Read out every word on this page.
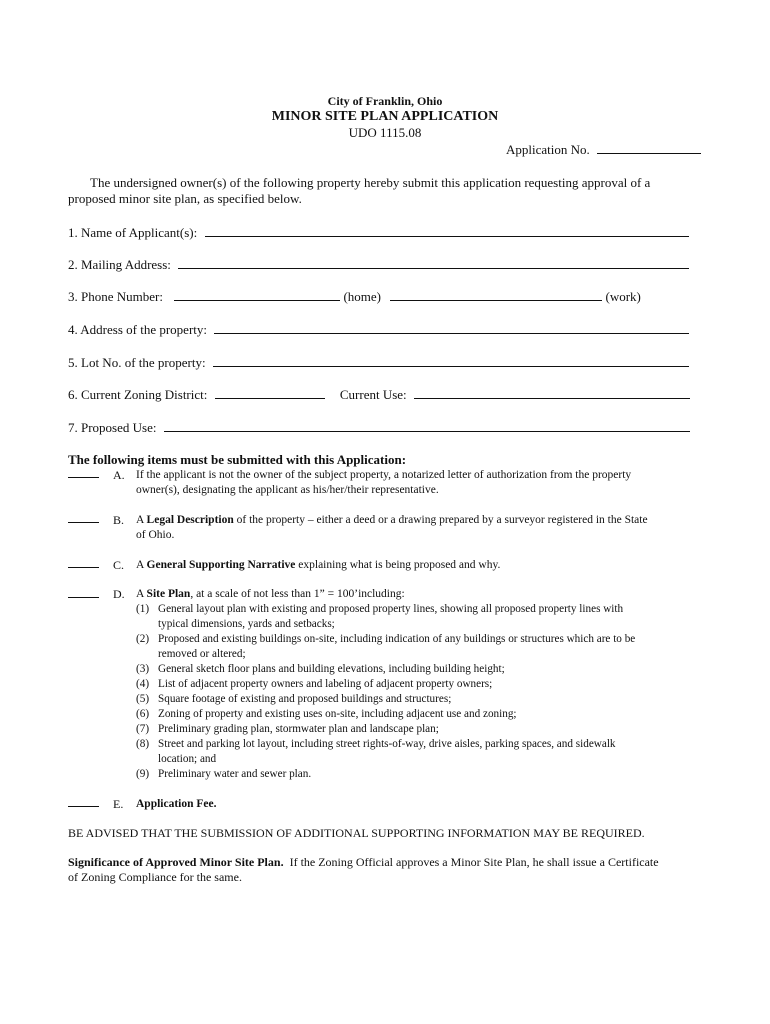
City of Franklin, Ohio
MINOR SITE PLAN APPLICATION
UDO 1115.08
Application No.
The undersigned owner(s) of the following property hereby submit this application requesting approval of a
proposed minor site plan, as specified below.
1. Name of Applicant(s):
2. Mailing Address:
3. Phone Number:	(home)	(work)
4. Address of the property:
5. Lot No. of the property:
6. Current Zoning District:	Current Use:
7. Proposed Use:
The following items must be submitted with this Application:
A. If the applicant is not the owner of the subject property, a notarized letter of authorization from the property
owner(s), designating the applicant as his/her/their representative.
B. A Legal Description of the property – either a deed or a drawing prepared by a surveyor registered in the State
of Ohio.
C. A General Supporting Narrative explaining what is being proposed and why.
D. A Site Plan, at a scale of not less than 1” = 100’including:
(1) General layout plan with existing and proposed property lines, showing all proposed property lines with
typical dimensions, yards and setbacks;
(2) Proposed and existing buildings on-site, including indication of any buildings or structures which are to be
removed or altered;
(3) General sketch floor plans and building elevations, including building height;
(4) List of adjacent property owners and labeling of adjacent property owners;
(5) Square footage of existing and proposed buildings and structures;
(6) Zoning of property and existing uses on-site, including adjacent use and zoning;
(7) Preliminary grading plan, stormwater plan and landscape plan;
(8) Street and parking lot layout, including street rights-of-way, drive aisles, parking spaces, and sidewalk
location; and
(9) Preliminary water and sewer plan.
E. Application Fee.
BE ADVISED THAT THE SUBMISSION OF ADDITIONAL SUPPORTING INFORMATION MAY BE REQUIRED.
Significance of Approved Minor Site Plan.  If the Zoning Official approves a Minor Site Plan, he shall issue a Certificate
of Zoning Compliance for the same.
